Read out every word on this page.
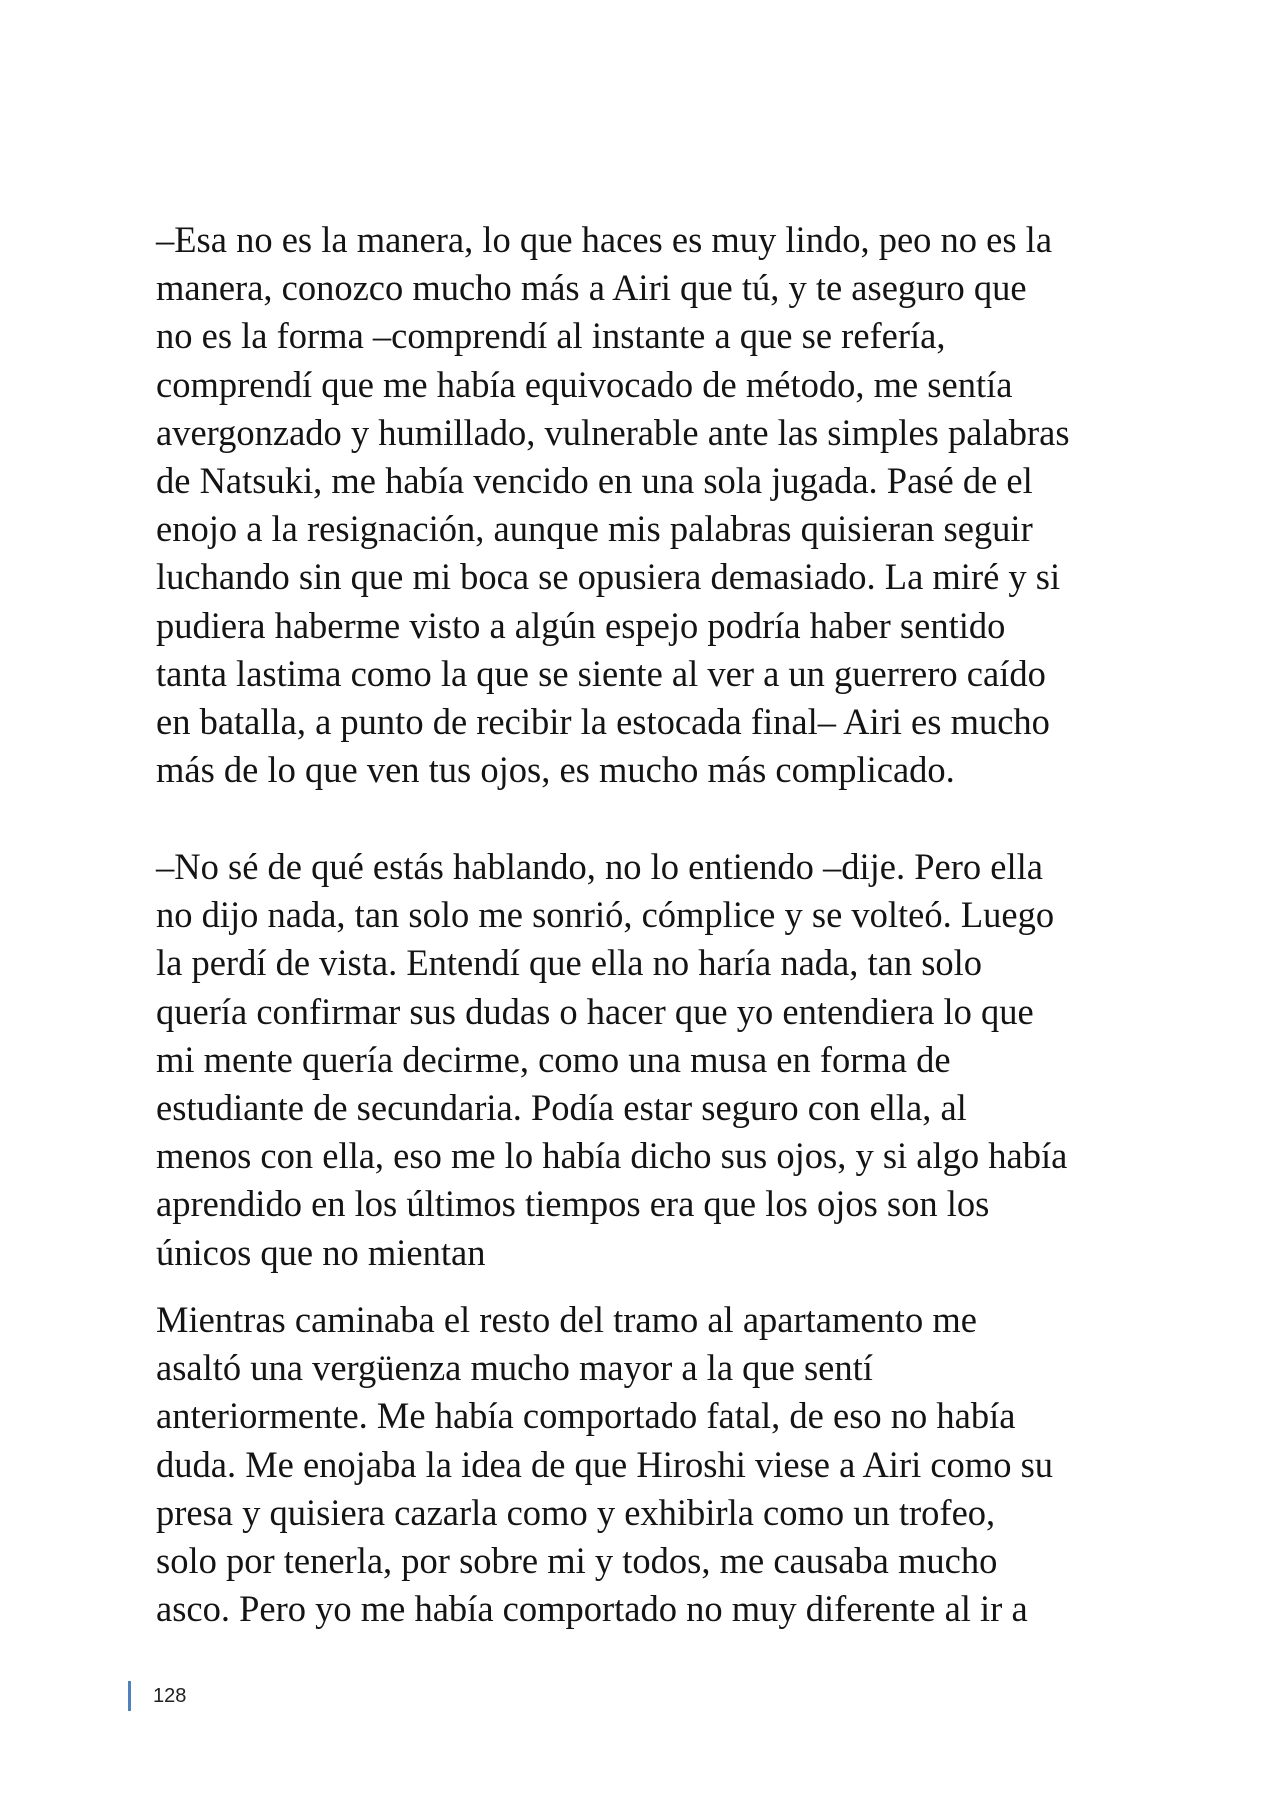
–Esa no es la manera, lo que haces es muy lindo, peo no es la
manera, conozco mucho más a Airi que tú, y te aseguro que
no es la forma –comprendí al instante a que se refería,
comprendí que me había equivocado de método, me sentía
avergonzado y humillado, vulnerable ante las simples palabras
de Natsuki, me había vencido en una sola jugada. Pasé de el
enojo a la resignación, aunque mis palabras quisieran seguir
luchando sin que mi boca se opusiera demasiado. La miré y si
pudiera haberme visto a algún espejo podría haber sentido
tanta lastima como la que se siente al ver a un guerrero caído
en batalla, a punto de recibir la estocada final– Airi es mucho
más de lo que ven tus ojos, es mucho más complicado.
–No sé de qué estás hablando, no lo entiendo –dije. Pero ella
no dijo nada, tan solo me sonrió, cómplice y se volteó. Luego
la perdí de vista. Entendí que ella no haría nada, tan solo
quería confirmar sus dudas o hacer que yo entendiera lo que
mi mente quería decirme, como una musa en forma de
estudiante de secundaria. Podía estar seguro con ella, al
menos con ella, eso me lo había dicho sus ojos, y si algo había
aprendido en los últimos tiempos era que los ojos son los
únicos que no mientan
Mientras caminaba el resto del tramo al apartamento me
asaltó una vergüenza mucho mayor a la que sentí
anteriormente. Me había comportado fatal, de eso no había
duda. Me enojaba la idea de que Hiroshi viese a Airi como su
presa y quisiera cazarla como y exhibirla como un trofeo,
solo por tenerla, por sobre mi y todos, me causaba mucho
asco. Pero yo me había comportado no muy diferente al ir a
128
